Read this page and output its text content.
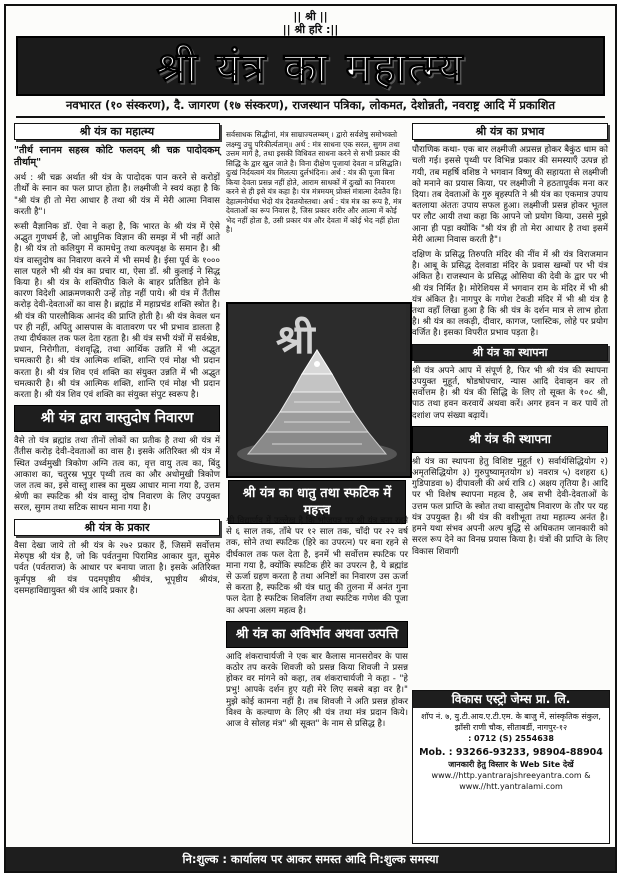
|| श्री ||
|| श्री हरि :||
श्री यंत्र का महात्म्य
नवभारत (१० संस्करण), दै. जागरण (१७ संस्करण), राजस्थान पत्रिका, लोकमत, देशोन्नती, नवराष्ट्र आदि में प्रकाशित
श्री यंत्र का महात्म्य

"तीर्थ स्नानम सहस्त्र कोटि फलदम् श्री चक्र पादोदकम् तीर्थाम्"

अर्थ : श्री चक्र अर्थात श्री यंत्र के पादोदक पान करने से करोड़ों तीर्थों के स्नान का फल प्राप्त होता है। लक्ष्मीजी ने स्वयं कहा है कि "श्री यंत्र ही तो मेरा आधार है तथा श्री यंत्र में मेरी आत्मा निवास करती है"।

रूसी वैज्ञानिक डॉ. ऐवा ने कहा है, कि भारत के श्री यंत्र में ऐसे अद्भुत गुणधर्म है, जो आधुनिक विज्ञान की समझ में भी नहीं आते है। श्री यंत्र तो कलियुग में कामधेनु तथा कल्पवृक्ष के समान है। श्री यंत्र वास्तुदोष का निवारण करने में भी समर्थ है। ईसा पूर्व के १००० साल पहले भी श्री यंत्र का प्रचार था, ऐसा डॉ. श्री कुलाई ने सिद्ध किया है। श्री यंत्र के शक्तिपीठ किले के बाहर प्रतिष्ठित होने के कारण विदेशी आक्रमणकारी उन्हें तोड़ नहीं पाये। श्री यंत्र में तैंतीस करोड़ देवी-देवताओं का वास है। ब्रह्मांड में महाप्रचंड शक्ति स्त्रोत है। श्री यंत्र की पारलौकिक आनंद की प्राप्ति होती है। श्री यंत्र केवल धन पर ही नहीं, अपितु आसपास के वातावरण पर भी प्रभाव डालता है तथा दीर्घकाल तक फल देता रहता है। श्री यंत्र सभी यंत्रों में सर्वश्रेष्ठ, प्रधान, निरोगीता, वंशवृद्धि, तथा आर्थिक उन्नति में भी अद्भुत चमत्कारी है। श्री यंत्र आत्मिक शक्ति, शान्ति एवं मोक्ष भी प्रदान करता है। श्री यंत्र शिव एवं शक्ति का संयुक्त उन्नति में भी अद्भुत चमत्कारी है। श्री यंत्र आत्मिक शक्ति, शान्ति एवं मोक्ष भी प्रदान करता है। श्री यंत्र शिव एवं शक्ति का संयुक्त संपुट स्वरूप है।

श्री यंत्र द्वारा वास्तुदोष निवारण

वैसे तो यंत्र ब्रह्मांड तथा तीनों लोकों का प्रतीक है तथा श्री यंत्र में तैंतीस करोड़ देवी-देवताओं का वास है। इसके अतिरिक्त श्री यंत्र में स्थित उर्ध्वमुखी त्रिकोण अग्नि तत्व का, वृत्त वायु तत्व का, बिंदु आकाश का, चतुरस्र भूपुर पृथ्वी तत्व का और अधोमुखी त्रिकोण जल तत्व का, इसे वास्तु शास्त्र का मुख्य आधार माना गया है, उत्तम श्रेणी का स्फटिक श्री यंत्र वास्तु दोष निवारण के लिए उपयुक्त सरल, सुगम तथा सटिक साधन माना गया है।

श्री यंत्र के प्रकार

वैसा देखा जाये तो श्री यंत्र के २७२ प्रकार हैं, जिसमें सर्वोत्तम मेरुपृष्ठ श्री यंत्र है, जो कि पर्वतनुमा पिरामिड आकार युत, सुमेरु पर्वत (पर्वतराज) के आधार पर बनाया जाता है। इसके अतिरिक्त कूर्मपृष्ठ श्री यंत्र पदमपृष्ठीय श्रीयंत्र, भूपृष्ठीय श्रीयंत्र, दसमहाविद्यायुक्त श्री यंत्र आदि प्रकार है।

सर्वसाधक सिद्धीनां, मंत्र साम्राज्यलम्बम् । द्वारो सर्वशेषु समोभक्तो लक्ष्म्यु उचु परिकीर्त्यताम्॥ अर्थ : मंत्र साधना एक सरल, सुगम तथा उत्तम मार्ग है, तथा इसकी विधिवत साधना करने से सभी प्रकार की सिद्धि के द्वार खुल जाते है। विना दीक्षेण पूजायां देवता न प्रसिद्धति। दुःखं निर्दयत्वमं यंत्र मिलत्या दुर्लभंदिनः। अर्थ : यंत्र की पूजा बिना किया देवता प्रसन्न नहीं होते, आराम साधकों में दुःखों का निवारण करने से ही इसे यंत्र कहा है। यंत्र मंत्रमयम् प्रोक्तं मंत्रात्मा देवतैव हि। देहात्मनोर्यथा भेदो यंत्र देवतयोस्तथा। अर्थ : यंत्र मंत्र का रूप है, मंत्र देवताओं का रूप निवास है, जिस प्रकार शरीर और आत्मा में कोई भेद नहीं होता है, उसी प्रकार यंत्र और देवता में कोई भेद नहीं होता है।

श्री
श्री यंत्र का धातु तथा स्फटिक में महत्त्व

श्री विद्यार्णव में उल्लेख है कि भोजपत्र पर श्री यंत्र बना रहने से ६ साल तक, ताँबे पर १२ साल तक, चाँदी पर २२ वर्ष तक, सोने तथा स्फटिक (हिरे का उपरत्न) पर बना रहने से दीर्घकाल तक फल देता है, इनमें भी सर्वोत्तम स्फटिक पर माना गया है, क्योंकि स्फटिक हीरे का उपरत्न है, ये ब्रह्मांड से ऊर्जा ग्रहण करता है तथा अनिष्टों का निवारण उस ऊर्जा से करता है, स्फटिक श्री यंत्र धातु की तुलना में अनंत गुना फल देता है स्फटिक शिवलिंग तथा स्फटिक गणेश की पूजा का अपना अलग महत्व है।

श्री यंत्र का अविर्भाव अथवा उत्पत्ति

आदि शंकराचार्यजी ने एक बार कैलास मानसरोवर के पास कठोर तप करके शिवजी को प्रसन्न किया शिवजी ने प्रसन्न होकर वर मांगने को कहा, तब शंकराचार्यजी ने कहा - "हे प्रभु! आपके दर्शन हुए यही मेरे लिए सबसे बड़ा वर है।" मुझे कोई कामना नहीं है। तब शिवजी ने अति प्रसन्न होकर विश्व के कल्याण के लिए श्री यंत्र तथा मंत्र प्रदान किये। आज वे सोलह मंत्र" श्री सूक्त" के नाम से प्रसिद्ध है।

श्री यंत्र का प्रभाव

पौराणिक कथा- एक बार लक्ष्मीजी अप्रसन्न होकर बैकुंठ धाम को चली गई। इससे पृथ्वी पर विभिन्न प्रकार की समस्याएँ उत्पन्न हो गयी, तब महर्षि वशिष्ठ ने भगवान विष्णु की सहायता से लक्ष्मीजी को मनाने का प्रयास किया, पर लक्ष्मीजी ने हठतापूर्वक मना कर दिया। तब देवताओं के गुरु बृहस्पति ने श्री यंत्र का एकमात्र उपाय बतलाया अंततः उपाय सफल हुआ। लक्ष्मीजी प्रसन्न होकर भूतल पर लौट आयी तथा कहा कि आपने जो प्रयोग किया, उससे मुझे आना ही पड़ा क्योंकि "श्री यंत्र ही तो मेरा आधार है तथा इसमें मेरी आत्मा निवास करती है"।

दक्षिण के प्रसिद्ध तिरुपति मंदिर की नींव में श्री यंत्र विराजमान है। आबू के प्रसिद्ध देलवाडा मंदिर के प्रवास खम्बों पर भी यंत्र अंकित है। राजस्थान के प्रसिद्ध ओसिया की देवी के द्वार पर भी श्री यंत्र निर्मित है। मोरेशियस में भगवान राम के मंदिर में भी श्री यंत्र अंकित है। नागपुर के गणेश टेकडी मंदिर में भी श्री यंत्र है तथा वहाँ लिखा हुआ है कि श्री यंत्र के दर्शन मात्र से लाभ होता है। श्री यंत्र का लकड़ी, दीवार, कागज, प्लास्टिक, लोहे पर प्रयोग वर्जित है। इसका विपरीत प्रभाव पड़ता है।

श्री यंत्र का स्थापना

श्री यंत्र अपने आप में संपूर्ण है, फिर भी श्री यंत्र की स्थापना उपयुक्त मुहूर्त, षोडषोपचार, न्यास आदि देवाव्हन कर तो सर्वोत्तम है। श्री यंत्र की सिद्धि के लिए तो सूक्त के १०८ श्री, पाठ तथा हवन करवायें अथवा करें। अगर हवन न कर पायें तो दशांश जप संख्या बढ़ायें।

श्री यंत्र की स्थापना

श्री यंत्र का स्थापना हेतु विशिष्ट मुहूर्त १) सर्वार्थसिद्धियोग २) अमृतसिद्धियोग ३) गुरुपुष्यामृतयोग ४) नवरात्र ५) दशहरा ६) गुडिपाडवा ७) दीपावली की अर्ध रात्रि ८) अक्षय तृतिया है। आदि पर भी विशेष स्थापना महत्व है, अब सभी देवी-देवताओं के उत्तम फल प्राप्ति के स्त्रोत तथा वास्तुदोष निवारण के तौर पर यह यंत्र उपयुक्त है। श्री यंत्र की वशीभूता तथा महात्म्य अनंत है। हमने यथा संभव अपनी अल्प बुद्धि से अधिकतम जानकारी को सरल रूप देने का विनम्र प्रयास किया है। यंत्रों की प्राप्ति के लिए विकास शिवागी

विकास एस्ट्रो जेम्स प्रा. लि.
शॉप नं. ७, यु.टी.आय.ए.टी.एम. के बाजु में, सांस्कृतिक संकुल, झाँसी राणी चौक, सीताबर्डी, नागपुर-१२
: 0712 (S) 2554638
Mob. : 93266-93233, 98904-88904
जानकारी हेतु विस्तार के Web Site देखें
www.//http.yantrarajshreeyantra.com &
www.//htt.yantralami.com
नि:शुल्क : कार्यालय पर आकर समस्त आदि नि:शुल्क समस्या
